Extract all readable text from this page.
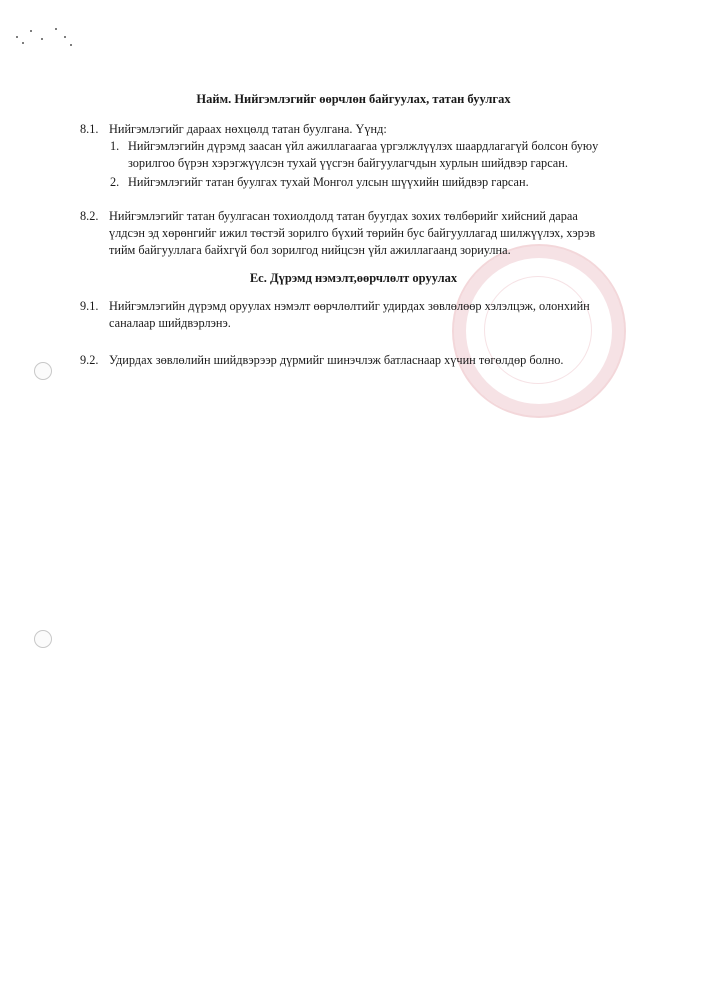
Найм. Нийгэмлэгийг өөрчлөн байгуулах, татан буулгах
8.1. Нийгэмлэгийг дараах нөхцөлд татан буулгана. Үүнд:
1. Нийгэмлэгийн дүрэмд заасан үйл ажиллагаагаа үргэлжлүүлэх шаардлагагүй болсон буюу
зорилгоо бүрэн хэрэгжүүлсэн тухай үүсгэн байгуулагчдын хурлын шийдвэр гарсан.
2. Нийгэмлэгийг татан буулгах тухай Монгол улсын шүүхийн шийдвэр гарсан.
8.2. Нийгэмлэгийг татан буулгасан тохиолдолд татан буугдах зохих төлбөрийг хийсний дараа
үлдсэн эд хөрөнгийг ижил төстэй зорилго бүхий төрийн бус байгууллагад шилжүүлэх, хэрэв
тийм байгууллага байхгүй бол зорилгод нийцсэн үйл ажиллагаанд зориулна.
Ес. Дүрэмд нэмэлт,өөрчлөлт оруулах
9.1. Нийгэмлэгийн дүрэмд оруулах нэмэлт өөрчлөлтийг удирдах зөвлөлөөр хэлэлцэж, олонхийн
саналаар шийдвэрлэнэ.
9.2. Удирдах зөвлөлийн шийдвэрээр дүрмийг шинэчлэж батласнаар хүчин төгөлдөр болно.
